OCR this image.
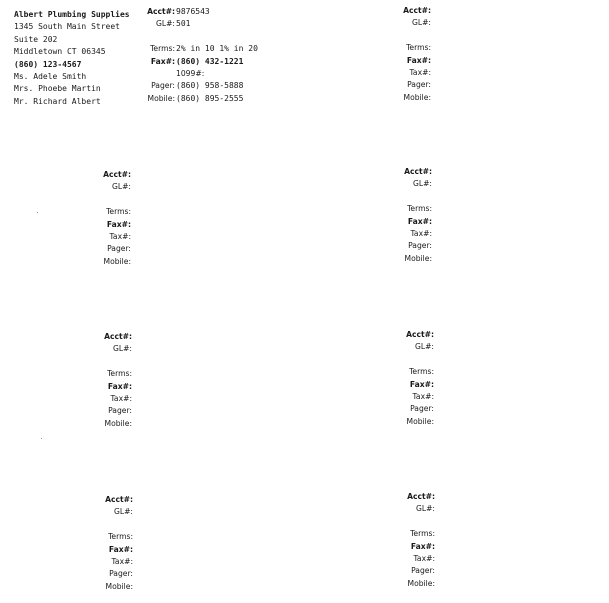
Albert Plumbing Supplies
1345 South Main Street
Suite 202
Middletown CT 06345
(860) 123-4567
Ms. Adele Smith
Mrs. Phoebe Martin
Mr. Richard Albert
Acct#: 9876543
GL#: 501
Terms: 2% in 10 1% in 20
Fax#: (860) 432-1221
1099#:
Pager: (860) 958-5888
Mobile: (860) 895-2555
Acct#:
GL#:
Terms:
Fax#:
Tax#:
Pager:
Mobile:
Acct#:
GL#:
Terms:
Fax#:
Tax#:
Pager:
Mobile:
Acct#:
GL#:
Terms:
Fax#:
Tax#:
Pager:
Mobile:
Acct#:
GL#:
Terms:
Fax#:
Tax#:
Pager:
Mobile:
Acct#:
GL#:
Terms:
Fax#:
Tax#:
Pager:
Mobile:
Acct#:
GL#:
Terms:
Fax#:
Tax#:
Pager:
Mobile:
Acct#:
GL#:
Terms:
Fax#:
Tax#:
Pager:
Mobile:
